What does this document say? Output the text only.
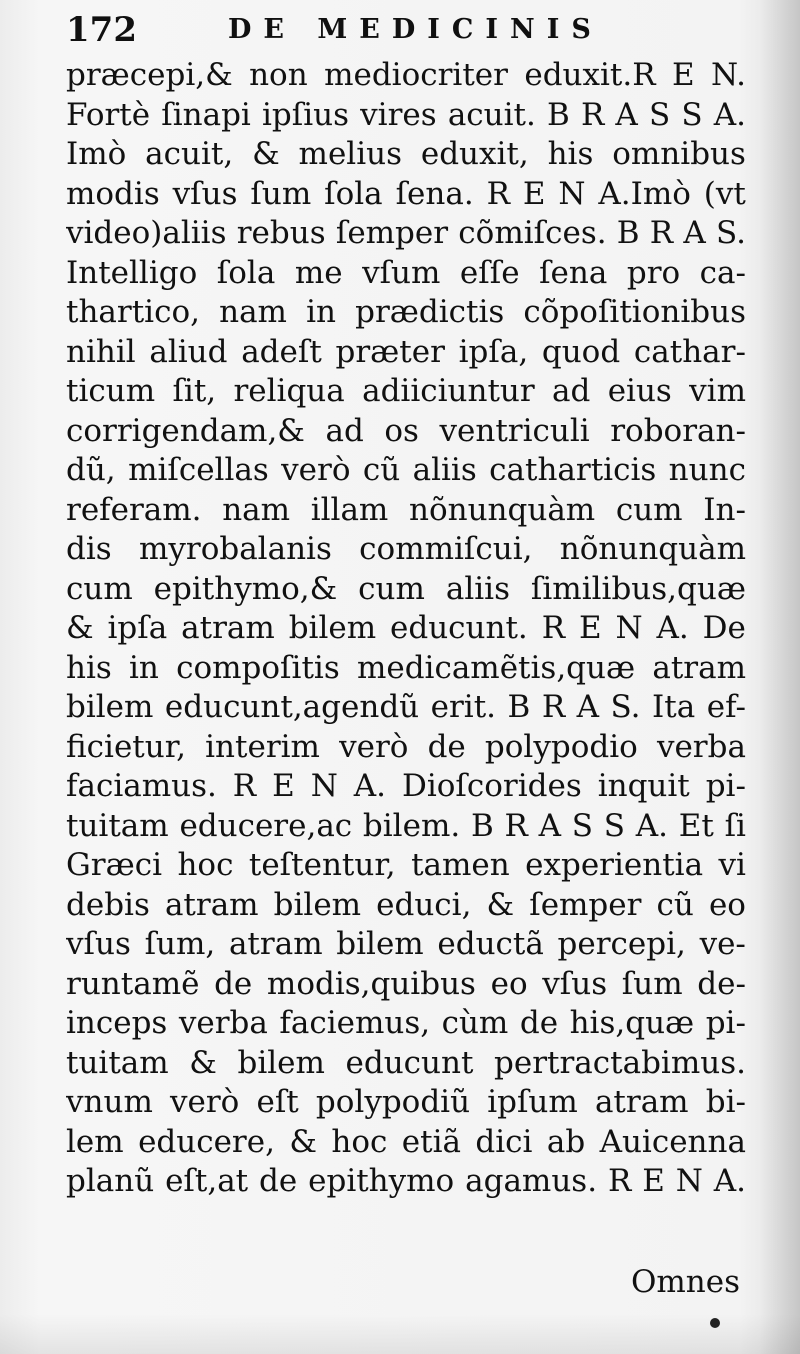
172	DE MEDICINIS
præcepi,& non mediocriter eduxit.R E N.
Fortè ſinapi ipſius vires acuit. B R A S S A.
Imò acuit, & melius eduxit, his omnibus
modis vſus ſum ſola ſena. R E N A.Imò (vt
video)aliis rebus ſemper cõmiſces. B R A S.
Intelligo ſola me vſum eſſe ſena pro ca-
thartico, nam in prædictis cõpoſitionibus
nihil aliud adeſt præter ipſa, quod cathar-
ticum ſit, reliqua adiiciuntur ad eius vim
corrigendam,& ad os ventriculi roboran-
dũ, miſcellas verò cũ aliis catharticis nunc
referam. nam illam nõnunquàm cum In-
dis myrobalanis commiſcui, nõnunquàm
cum epithymo,& cum aliis ſimilibus,quæ
& ipſa atram bilem educunt. R E N A. De
his in compoſitis medicamẽtis,quæ atram
bilem educunt,agendũ erit. B R A S. Ita ef-
ficietur, interim verò de polypodio verba
faciamus. R E N A. Dioſcorides inquit pi-
tuitam educere,ac bilem. B R A S S A. Et ſi
Græci hoc teſtentur, tamen experientia vi
debis atram bilem educi, & ſemper cũ eo
vſus ſum, atram bilem eductã percepi, ve-
runtamẽ de modis,quibus eo vſus ſum de-
inceps verba faciemus, cùm de his,quæ pi-
tuitam & bilem educunt pertractabimus.
vnum verò eſt polypodiũ ipſum atram bi-
lem educere, & hoc etiã dici ab Auicenna
planũ eſt,at de epithymo agamus. R E N A.
Omnes
